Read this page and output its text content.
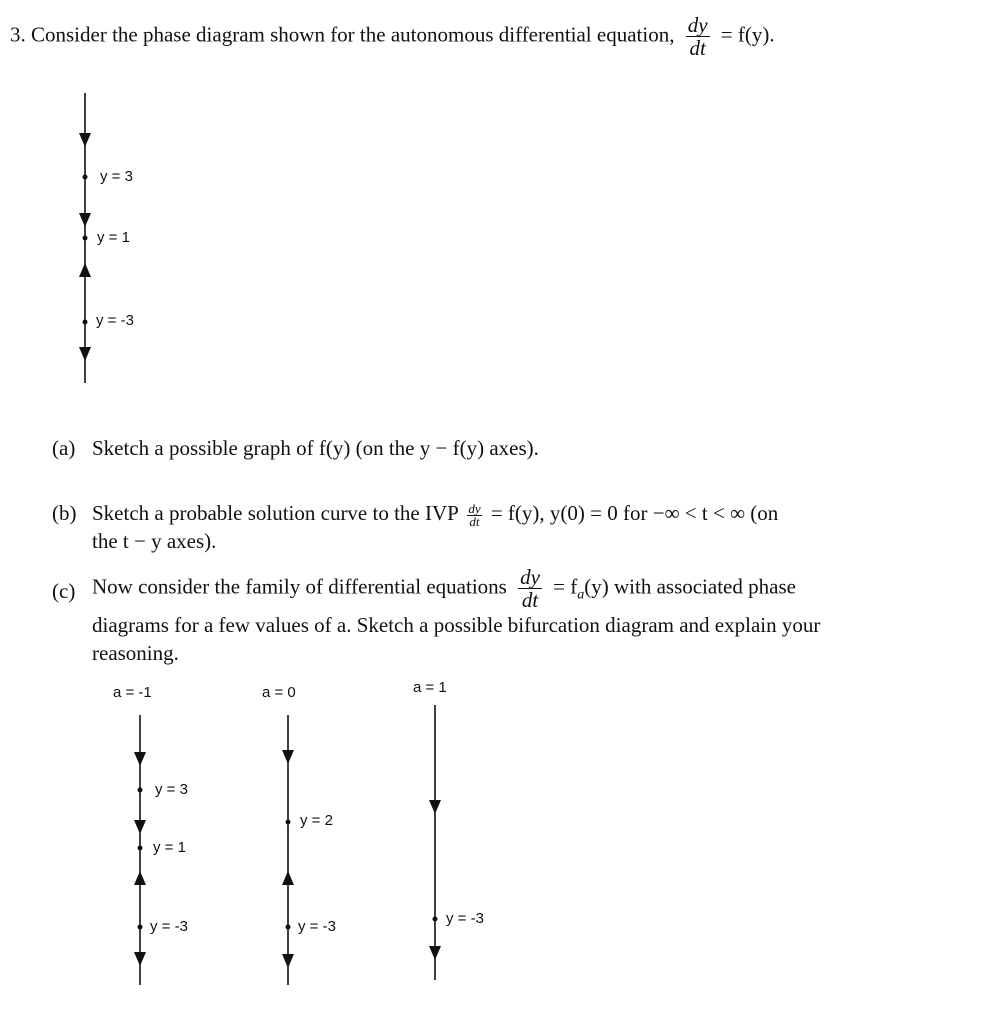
3. Consider the phase diagram shown for the autonomous differential equation, $\frac{dy}{dt} = f(y)$.
y = 3
y = 1
y = -3
(a) Sketch a possible graph of f(y) (on the y − f(y) axes).
(b) Sketch a probable solution curve to the IVP $\frac{dy}{dt} = f(y)$, y(0) = 0 for −∞ < t < ∞ (on
the t − y axes).
(c) Now consider the family of differential equations $\frac{dy}{dt} = f_a(y)$ with associated phase
diagrams for a few values of a. Sketch a possible bifurcation diagram and explain your
reasoning.
a = -1	a = 0	a = 1
y = 3
y = 1
y = -3
y = 2
y = -3	y = -3
